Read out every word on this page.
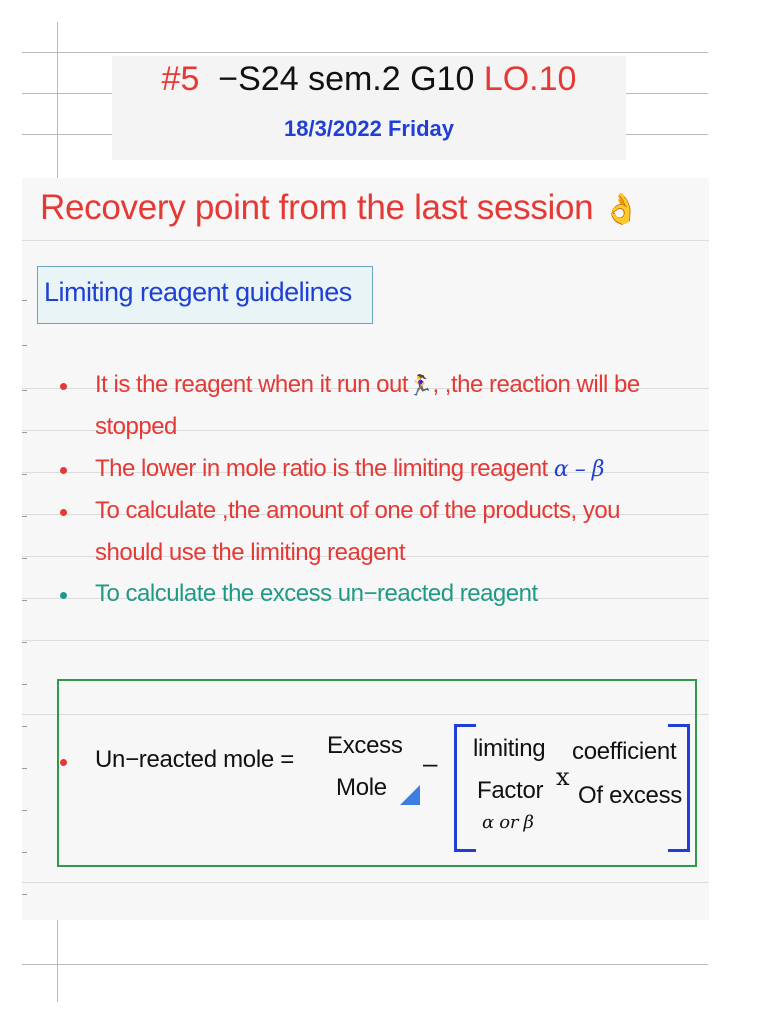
#5 −S24 sem.2 G10 LO.10
18/3/2022 Friday
Recovery point from the last session 👌
Limiting reagent guidelines
It is the reagent when it run out🏃‍♀️, ,the reaction will be
stopped
The lower in mole ratio is the limiting reagent α – β
To calculate ,the amount of one of the products, you
should use the limiting reagent
To calculate the excess un−reacted reagent
Un−reacted mole =
Excess
Mole
– limiting
Factor
α or β
x
coefficient
Of excess
